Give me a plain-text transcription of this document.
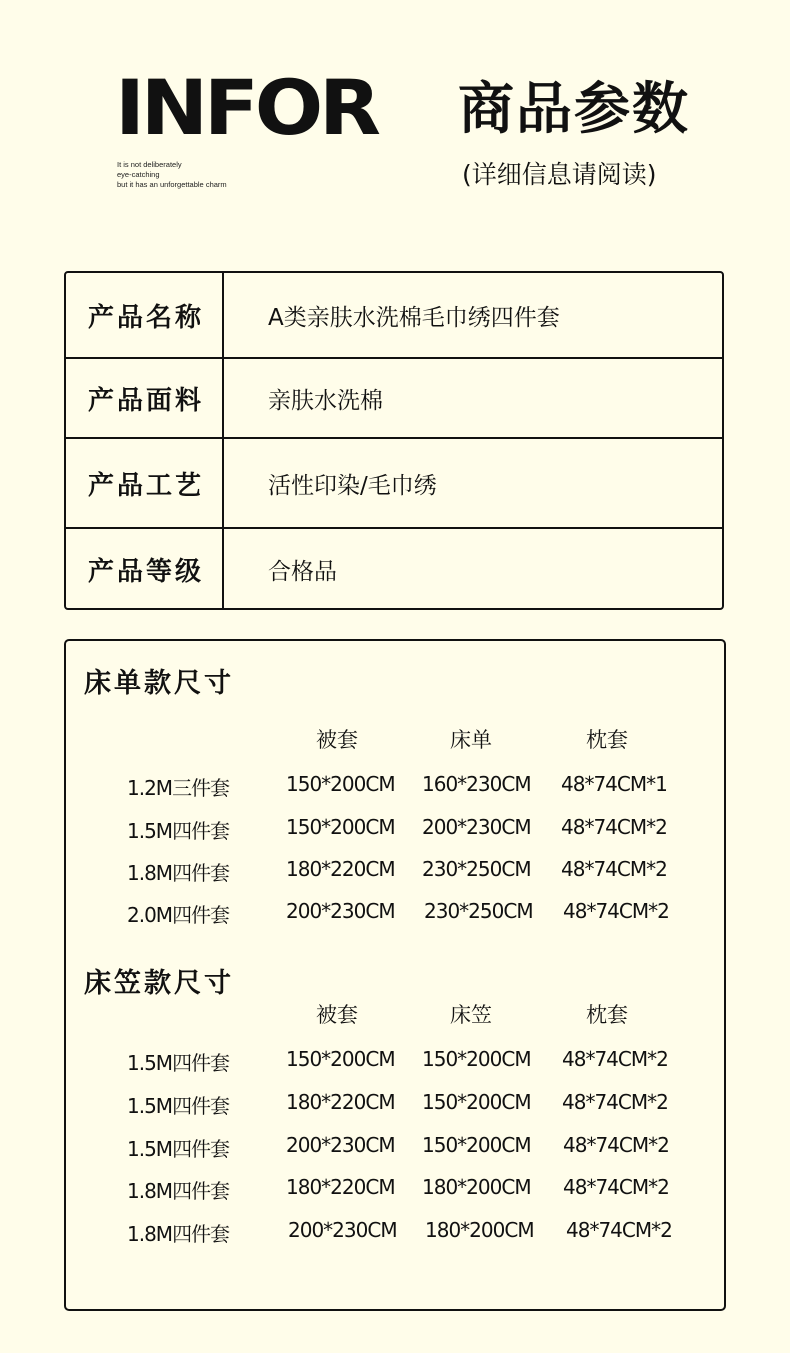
INFOR
It is not deliberately
eye-catching
but it has an unforgettable charm
商品参数
(详细信息请阅读)
产品名称	A类亲肤水洗棉毛巾绣四件套
产品面料	亲肤水洗棉
产品工艺	活性印染/毛巾绣
产品等级	合格品
床单款尺寸
被套	床单	枕套
1.2M三件套	150*200CM 160*230CM 48*74CM*1
1.5M四件套	150*200CM 200*230CM 48*74CM*2
1.8M四件套	180*220CM 230*250CM 48*74CM*2
2.0M四件套	200*230CM 230*250CM 48*74CM*2
床笠款尺寸
被套	床笠	枕套
1.5M四件套	150*200CM 150*200CM 48*74CM*2
1.5M四件套	180*220CM 150*200CM 48*74CM*2
1.5M四件套	200*230CM 150*200CM 48*74CM*2
1.8M四件套	180*220CM 180*200CM 48*74CM*2
1.8M四件套	200*230CM 180*200CM 48*74CM*2
